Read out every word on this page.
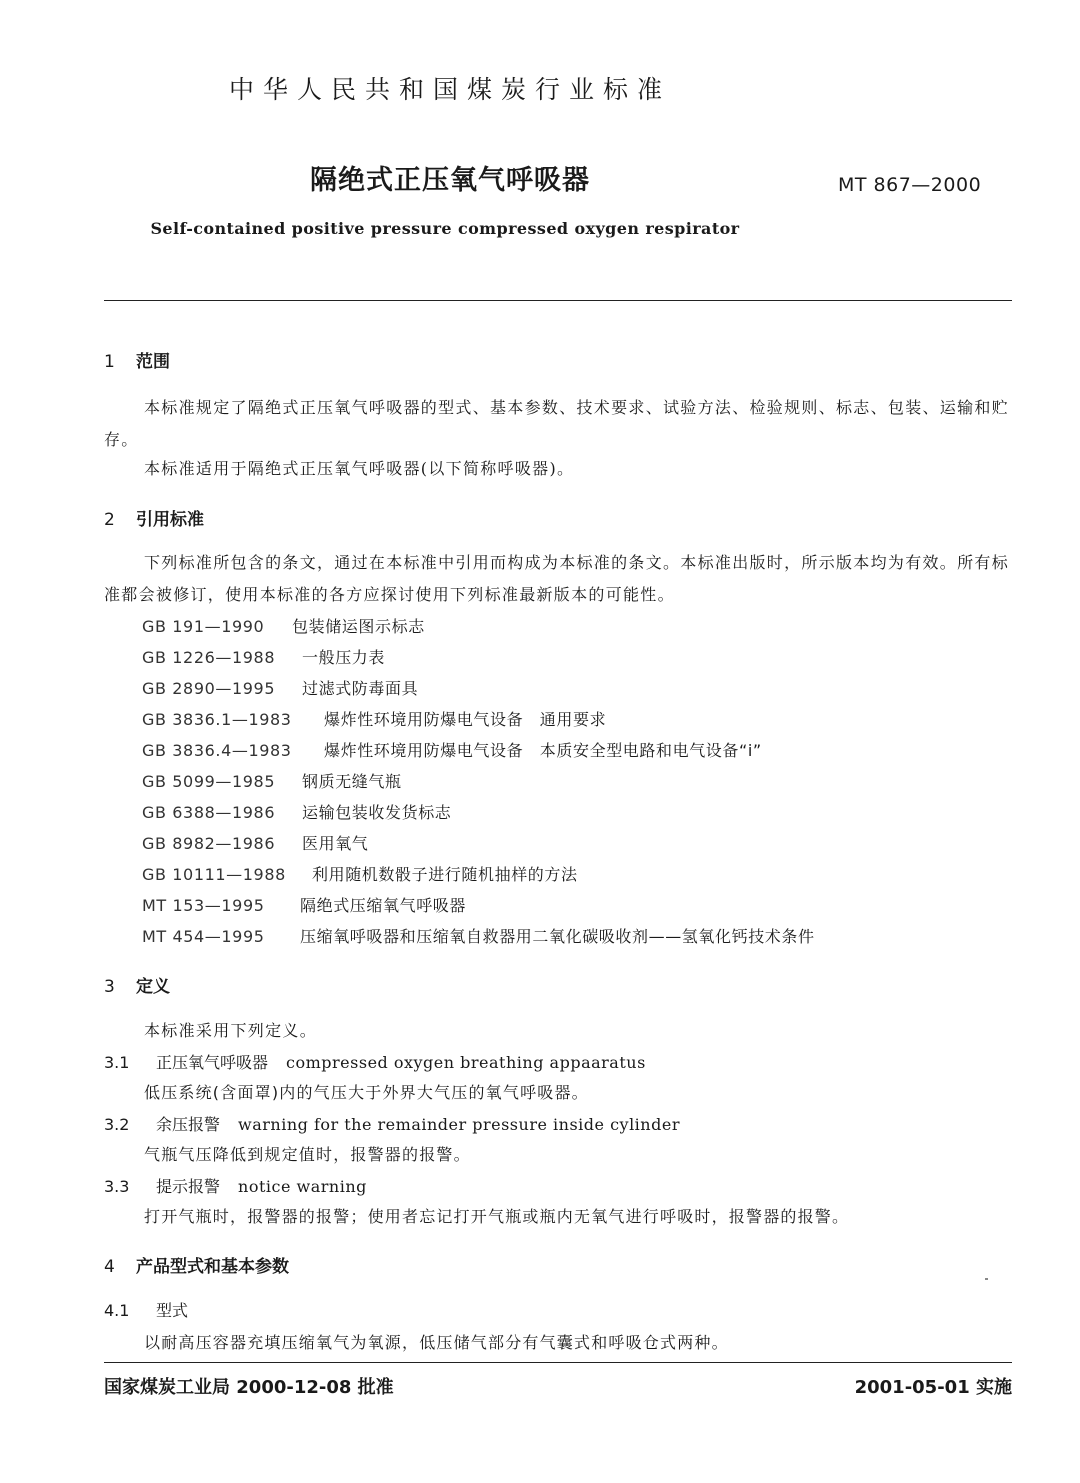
中华人民共和国煤炭行业标准
隔绝式正压氧气呼吸器	MT 867—2000
Self-contained positive pressure compressed oxygen respirator
1 范围
本标准规定了隔绝式正压氧气呼吸器的型式、基本参数、技术要求、试验方法、检验规则、标志、包装、运输和贮存。
本标准适用于隔绝式正压氧气呼吸器(以下简称呼吸器)。
2 引用标准
下列标准所包含的条文，通过在本标准中引用而构成为本标准的条文。本标准出版时，所示版本均为有效。所有标准都会被修订，使用本标准的各方应探讨使用下列标准最新版本的可能性。
GB 191—1990 包装储运图示标志
GB 1226—1988 一般压力表
GB 2890—1995 过滤式防毒面具
GB 3836.1—1983 爆炸性环境用防爆电气设备　通用要求
GB 3836.4—1983 爆炸性环境用防爆电气设备　本质安全型电路和电气设备“i”
GB 5099—1985 钢质无缝气瓶
GB 6388—1986 运输包装收发货标志
GB 8982—1986 医用氧气
GB 10111—1988 利用随机数骰子进行随机抽样的方法
MT 153—1995 隔绝式压缩氧气呼吸器
MT 454—1995 压缩氧呼吸器和压缩氧自救器用二氧化碳吸收剂——氢氧化钙技术条件
3 定义
本标准采用下列定义。
3.1 正压氧气呼吸器 compressed oxygen breathing appaaratus
低压系统(含面罩)内的气压大于外界大气压的氧气呼吸器。
3.2 余压报警 warning for the remainder pressure inside cylinder
气瓶气压降低到规定值时，报警器的报警。
3.3 提示报警 notice warning
打开气瓶时，报警器的报警；使用者忘记打开气瓶或瓶内无氧气进行呼吸时，报警器的报警。
4 产品型式和基本参数
4.1 型式
以耐高压容器充填压缩氧气为氧源，低压储气部分有气囊式和呼吸仓式两种。
国家煤炭工业局 2000-12-08 批准	2001-05-01 实施
